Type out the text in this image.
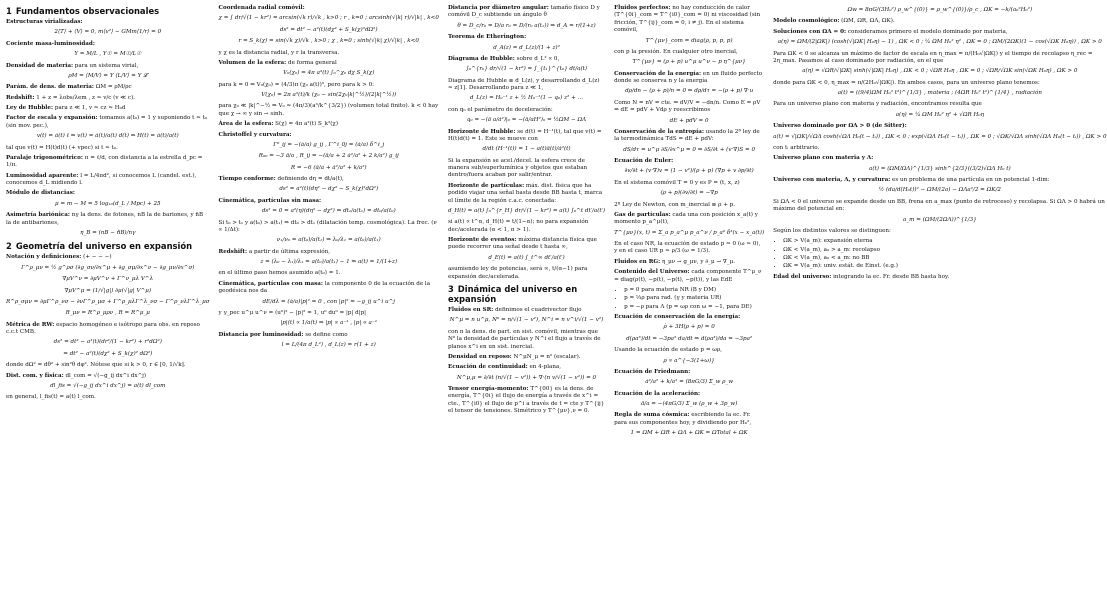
1 Fundamentos observacionales
Estructuras virializadas:
2⟨T⟩ + ⟨V⟩ = 0, m⟨v²⟩ − GMm⟨1/r⟩ = 0
Cociente masa-luminosidad:
Υ = M/L , Υ☉ = M☉/L☉
Densidad de materia: para un sistema virial,
ρM = ⟨M/V⟩ = Υ ⟨L/V⟩ = Υ 𝓛
Parám. de dens. de materia: ΩM = ρM/ρc
Redshift: 1 + z = λobs/λem , z ≈ v/c (v ≪ c).
Ley de Hubble: para z ≪ 1, v ≈ cz ≈ H₀d
Factor de escala y expansión: tomamos a(t₀) = 1 y suponiendo t ≈ t₀ (sin mov. pec.),
v(t) = ȧ(t) ℓ ⇒ v(t) = ȧ(t)/a(t) d(t) ⇒ H(t) = ȧ(t)/a(t)
tal que v(t) = H(t)d(t) (+ vpec) si t ≈ t₀.
Paralaje trigonométrico: π = ℓ/d, con distancia a la estrella d_pc = 1/π.
Luminosidad aparente: l = L/4πd², si conocemos L (candel. est.), conocemos d_L midiendo l.
Módulo de distancias:
μ = m − M = 5 log₁₀(d_L / Mpc) + 25
Asimetría bariónica: nγ la dens. de fotones, nB la de bariones, y n̄B la de antibariones,
η_B = (nB − n̄B)/nγ
2 Geometría del universo en expansión
Notación y definiciones: (+ − − −)
Γ^ρ_μν = ½ g^ρσ (∂g_σν/∂x^μ + ∂g_σμ/∂x^ν − ∂g_μν/∂x^σ)
∇μV^ν = ∂μV^ν + Γ^ν_μλ V^λ
∇μV^μ = (1/√|g|) ∂μ(√|g| V^μ)
R^ρ_σμν = ∂μΓ^ρ_νσ − ∂νΓ^ρ_μσ + Γ^ρ_μλΓ^λ_νσ − Γ^ρ_νλΓ^λ_μσ
R_μν = R^ρ_μρν , R = R^μ_μ
Métrica de RW: espacio homogéneo e isótropo para obs. en reposo c.c.t CMB.
ds² = dt² − a²(t)(dr²/(1 − kr²) + r²dΩ²)
= dt² − a²(t)(dχ² + S_k(χ)² dΩ²)
donde dΩ² = dθ² + sin²θ dφ². Nótese que si k > 0, r ∈ [0, 1/√k].
Dist. com. y física: dl_com = √(−g_ij dx^i dx^j)
dl_fis = √(−g_ij dx^i dx^j) = a(t) dl_com
en general, l_fis(t) = a(t) l_com.
Coordenada radial comóvil:
χ = ∫ dr/√(1 − kr²) = arcsin(√k r)/√k , k>0 ; r , k=0 ; arcsinh(√|k| r)/√|k| , k<0
ds² = dt² − a²(t)(dχ² + S_k(χ)²dΩ²)
r = S_k(χ) = sin(√k χ)/√k , k>0 ; χ , k=0 ; sinh(√|k| χ)/√|k| , k<0
y χ es la distancia radial, y r la transversa.
Volumen de la esfera: de forma general
V₀(χ₀) = 4π a³(t) ∫₀^χ₀ dχ S_k(χ)
para k = 0 ⇒ V₀(χ₀) = (4/3)π (χ₀ a(t))³, pero para k > 0:
V(χ₀) = 2π a³(t)/k (χ₀ − sin(2χ₀|k|^½)/(2|k|^½))
para χ₀ ≪ |k|^−½ ⇒ V₀ ≈ (4π/3)(a³/k^{3/2}) (volumen total finito). k < 0 hay que χ → ∞ y sin → sinh.
Área de la esfera: S(χ) = 4π a²(t) S_k²(χ)
Christoffel y curvatura:
Γ⁰_ij = −(ȧ/a) g_ij , Γ^i_0j = (ȧ/a) δ^i_j
R₀₀ = −3 ä/a , R_ij = −(ä/a + 2 ȧ²/a² + 2 k/a²) g_ij
R = −6 (ä/a + ȧ²/a² + k/a²)
Tiempo conforme: definiendo dη = dt/a(t),
ds² = a²(t)(dη² − dχ² − S_k(χ)²dΩ²)
Cinemática, partículas sin masa:
ds² = 0 = a²(η)(dη² − dχ²) ⇒ dt₁/a(t₁) = dt₀/a(t₀)
Si t₀ > t₁ y a(t₀) > a(t₁) ⇒ dt₀ > dt₁ (dilatación temp. cosmológica). La frec. (ν ∝ 1/Δt):
ν₁/ν₀ = a(t₀)/a(t₁) ⇒ λ₀/λ₁ = a(t₀)/a(t₁)
Redshift: a partir de última expresión,
z = (λ₀ − λ₁)/λ₁ = a(t₀)/a(t₁) − 1 ⇒ a(t) = 1/(1+z)
en el último paso hemos asumido a(t₀) = 1.
Cinemática, partículas con masa: la componente 0 de la ecuación de la geodésica nos da
dE/dλ = (ȧ/a)|p|² = 0 , con |p|² = −g_ij u^i u^j
y γ_pec u^μ u^ν = (u⁰)² − |p|² = 1, u⁰ du⁰ = |p| d|p|
|p|(t) ∝ 1/a(t) ⇒ |p| ∝ a⁻¹ , |p| ∝ a⁻¹
Distancia por luminosidad: se define como
l = L/(4π d_L²) , d_L(z) = r(1 + z)
Distancia por diámetro angular: tamaño físico D y comóvil D_c subtiende un ángulo θ
θ = D_c/r₀ = D/a r₀ = D/(r₀ a(t₁)) ⇒ d_A = r/(1+z)
Teorema de Etherington:
d_A(z) = d_L(z)/(1 + z)²
Diagrama de Hubble: sobre d_L² ∝ 0,
∫₀^{r₀} dr/√(1 − kr²) = ∫_{t₁}^{t₀} dt/a(t)
Diagrama de Hubble ≡ d_L(z), y desarrollando d_L(z) ≃ z[1]. Desarrollando para z ≪ 1,
d_L(z) = H₀⁻¹ z + ½ H₀⁻¹(1 − q₀) z² + …
con q₀ el parámetro de deceleración:
q₀ = −(ä a/ȧ²)|₀ = −(ä/aH²)₀ = ½ΩM − ΩΛ
Horizonte de Hubble: se d(t) = H⁻¹(t), tal que v(t) = H(t)d(t) = 1. Este se mueve con
d/dt (H⁻¹(t)) = 1 − a(t)ä(t)/ȧ²(t)
Si la expansión se acel./decel. la esfera crece de manera sub/superlumínica y objetos que estaban dentro/fuera acaban por salir/entrar.
Horizonte de partículas: máx. dist. física que ha podido viajar una señal hasta desde BB hasta t, marca el límite de la región c.a.c. conectada:
d_H(t) = a(t) ∫₀^{r_H} dr/√(1 − kr²) = a(t) ∫₀^t dt′/a(t′)
si a(t) ∝ t^α, d_H(t) = t/(1−α); no para expansión dec/acelerada (α < 1, α > 1).
Horizonte de eventos: máxima distancia física que puede recorrer una señal desde t hasta ∞,
d_E(t) = a(t) ∫_t^∞ dt′/a(t′)
asumiendo ley de potencias, será ∞, t/(α−1) para expansión dec/acelerada.
3 Dinámica del universo en expansión
Fluidos en SR: definimos el cuadrivector flujo
N^μ = n u^μ, N⁰ = n/√(1 − v²), N^i = n v^i/√(1 − v²)
con n la dens. de part. en sist. comóvil, mientras que N⁰ la densidad de partículas y N^i el flujo a través de planos x^i en un sist. inercial.
Densidad en reposo: N^μN_μ = n² (escalar).
Ecuación de continuidad: en 4-plana,
N^μ,μ = ∂/∂t (n/√(1 − v²)) + ∇·(n v/√(1 − v²)) = 0
Tensor energía-momento: T^{00} es la dens. de energía, T^{0i} el flujo de energía a través de x^i = cte., T^{i0} el flujo de p^i a través de t = cte y T^{ij} el tensor de tensiones. Simétrico y T^{μν},ν = 0.
Fluidos perfectos: no hay conducción de calor (T^{0i}_com = T^{i0}_com = 0) ni viscosidad (sin fricción, T^{ij}_com = 0, i ≠ j). En el sistema comóvil,
T^{μν}_com = diag(ρ, p, p, p)
con p la presión. En cualquier otro inercial,
T^{μν} = (ρ + p) u^μ u^ν − p η^{μν}
Conservación de la energía: en un fluido perfecto donde se conserva n y la energía
dρ/dn − (ρ + p)/n = 0 ⇒ dρ/dτ = −(ρ + p) ∇·u
Como N = nV = cte. ⇒ dV/V = −dn/n. Como E = ρV ⇒ dE = pdV + Vdρ y reescribimos
dE + pdV = 0
Conservación de la entropía: usando la 2ª ley de la termodinámica TdS = dE + pdV:
dS/dτ = u^μ ∂S/∂x^μ = 0 ⇒ ∂S/∂t + (v·∇)S = 0
Ecuación de Euler:
∂v/∂t + (v·∇)v = (1 − v²)/(ρ + p) (∇p + v ∂p/∂t)
En el sistema comóvil T = 0 y es P = (t, x, z)
(ρ + p)(∂v/∂t) = −∇p
2ª Ley de Newton, con m_inercial ≡ ρ + p.
Gas de partículas: cada una con posición x_a(t) y momento p_a^μ(t),
T^{μν}(x, t) = Σ_a p_a^μ p_a^ν / p_a⁰ δ³(x − x_a(t))
En el caso NR, la ecuación de estado p ≃ 0 (ω ≃ 0), y en el caso UR p ≃ ρ/3 (ω = 1/3).
Fluidos en RG: η_μν → g_μν, y ∂_μ → ∇_μ.
Contenido del Universo: cada componente T^μ_ν = diag(ρ(t), −p(t), −p(t), −p(t)), y las EdE
• p = 0 para materia NR (B y DM)
• p = ⅓ρ para rad. (γ y materia UR)
• p = −ρ para Λ (p = ωρ con ω = −1, para DE)
Ecuación de conservación de la energía:
ρ̇ + 3H(ρ + p) = 0
d(ρa³)/dt = −3pa² da/dt ⇒ d(ρa³)/da = −3pa²
Usando la ecuación de estado p = ωρ,
ρ ∝ a^{−3(1+ω)}
Ecuación de Friedmann:
ȧ²/a² + k/a² = (8πG/3) Σ_w ρ_w
Ecuación de la aceleración:
ä/a = −(4πG/3) Σ_w (ρ_w + 3p_w)
Regla de suma cósmica: escribiendo la ec. Fr. para sus componentes hoy, y dividiendo por H₀²,
1 = ΩM + ΩR + ΩΛ + ΩK = ΩTotal + ΩK
Ωw = 8πG/(3H₀²) ρ_w^{(0)} = ρ_w^{(0)}/ρ_c , ΩK = −k/(a₀²H₀²)
Modelo cosmológico: (ΩM, ΩR, ΩΛ, ΩK).
Soluciones con ΩΛ = 0: consideramos primero el modelo dominado por materia,
a(η) = ΩM/(2|ΩK|) (cosh(√|ΩK| H₀η) − 1) , ΩK < 0 ; ¼ ΩM H₀² η² , ΩK = 0 ; ΩM/(2ΩK)(1 − cos(√ΩK H₀η)) , ΩK > 0
Para ΩK < 0 se alcanza un máximo de factor de escala en η_max = π/(H₀√|ΩK|) y el tiempo de recolapso η_rec = 2η_max. Pasamos al caso dominado por radiación, en el que
a(η) = √ΩR/√|ΩK| sinh(√|ΩK| H₀η) , ΩK < 0 ; √ΩR H₀η , ΩK = 0 ; √ΩR/√ΩK sin(√ΩK H₀η) , ΩK > 0
donde para ΩK < 0, η_max = π/(2H₀√|ΩK|). En ambos casos, para un universo plano tenemos:
a(t) = ((9/4)ΩM H₀² t²)^{1/3} , materia ; (4ΩR H₀² t²)^{1/4} , radiación
Para un universo plano con materia y radiación, encontramos resulta que
a(η) = ¼ ΩM H₀² η² + √ΩR H₀η
Universo dominado por ΩΛ > 0 (de Sitter):
a(t) = √|ΩK|/√ΩΛ cosh(√ΩΛ H₀(t − tᵢ)) , ΩK < 0 ; exp(√ΩΛ H₀(t − tᵢ)) , ΩK = 0 ; √ΩK/√ΩΛ sinh(√ΩΛ H₀(t − tᵢ)) , ΩK > 0
con tᵢ arbitrario.
Universo plano con materia y Λ:
a(t) = (ΩM/ΩΛ)^{1/3} sinh^{2/3}((3/2)√ΩΛ H₀ t)
Universo con materia, Λ, y curvatura: es un problema de una partícula en un potencial 1-dim:
½ (da/d(H₀t))² − ΩM/(2a) − ΩΛa²/2 = ΩK/2
Si ΩΛ < 0 el universo se expande desde un BB, frena en a_max (punto de retroceso) y recolapsa. Si ΩΛ > 0 habrá un máximo del potencial en:
a_m = (ΩM/(2ΩΛ))^{1/3}
Según los distintos valores se distinguen:
• ΩK > V(a_m): expansión eterna
• ΩK < V(a_m), a₀ > a_m: recolapso
• ΩK < V(a_m), a₀ < a_m: no BB
• ΩK = V(a_m): univ. estát. de Einst. (e.g.)
Edad del universo: integrando la ec. Fr. desde BB hasta hoy.
